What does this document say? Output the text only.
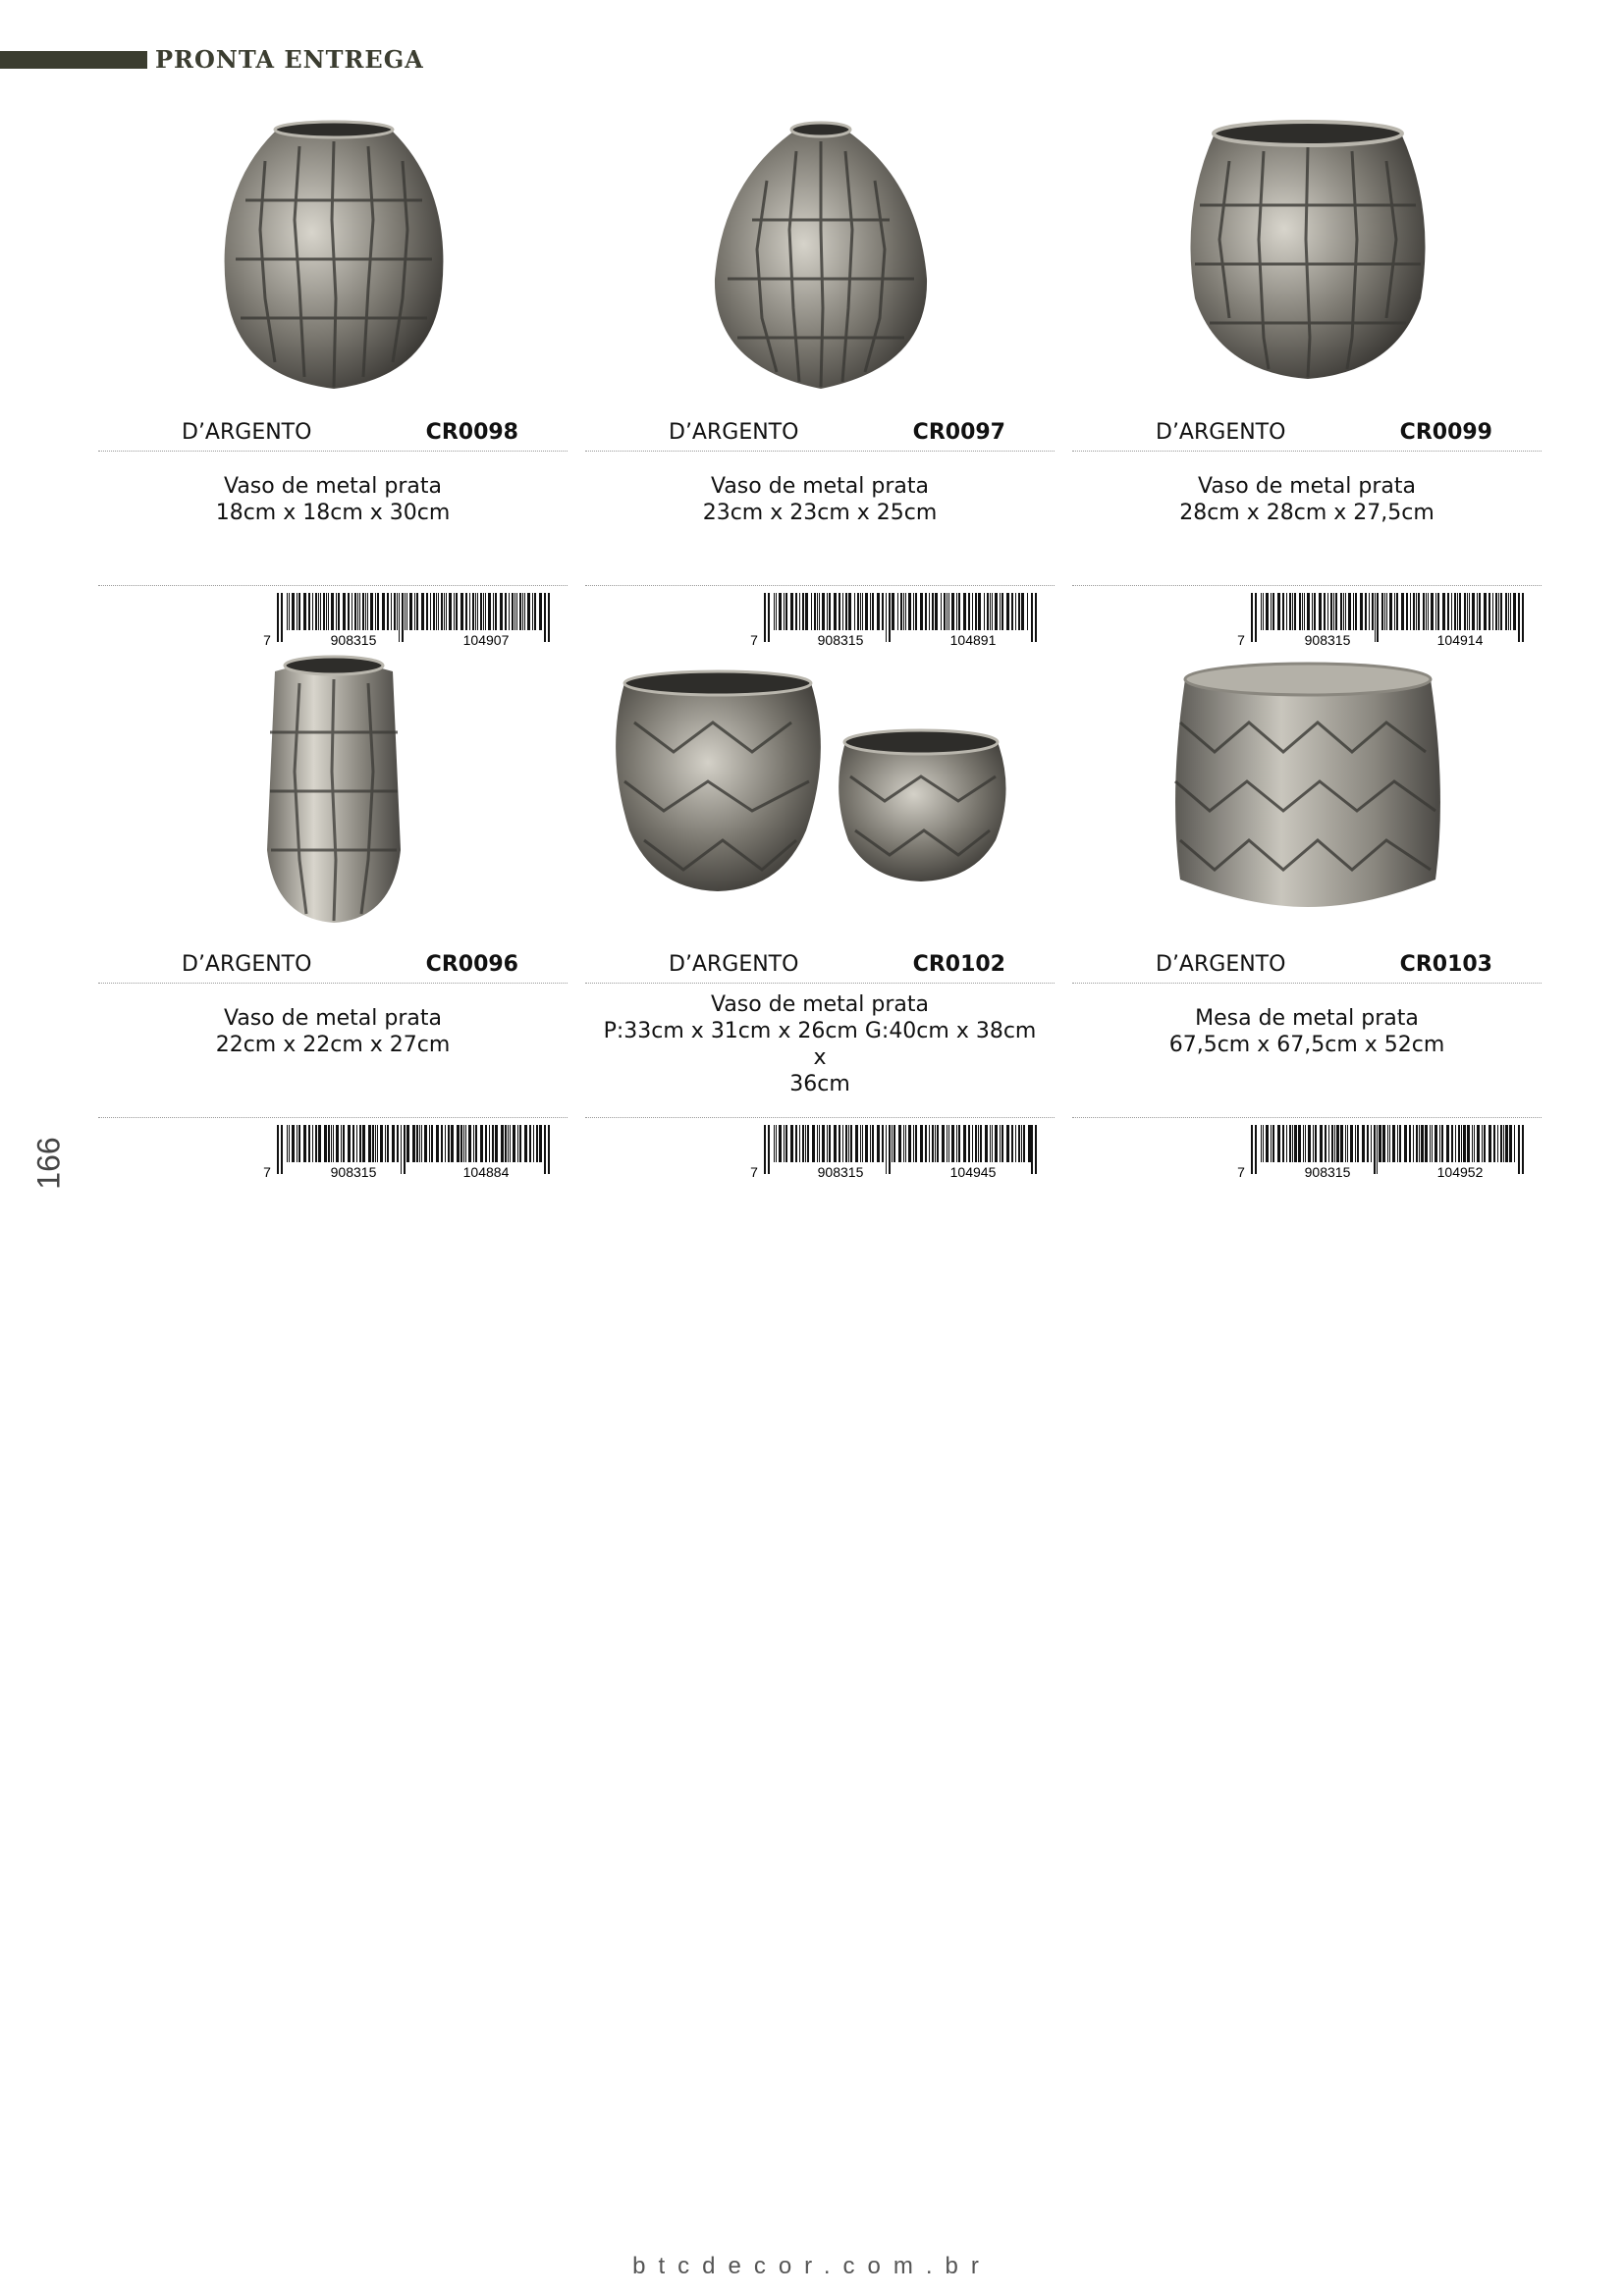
PRONTA ENTREGA
166
D’ARGENTO	CR0098
Vaso de metal prata
18cm x 18cm x 30cm
7	908315	104907
D’ARGENTO	CR0097
Vaso de metal prata
23cm x 23cm x 25cm
7	908315	104891
D’ARGENTO	CR0099
Vaso de metal prata
28cm x 28cm x 27,5cm
7	908315	104914
D’ARGENTO	CR0096
Vaso de metal prata
22cm x 22cm x 27cm
7	908315	104884
D’ARGENTO	CR0102
Vaso de metal prata
P:33cm x 31cm x 26cm G:40cm x 38cm x
36cm
7	908315	104945
D’ARGENTO	CR0103
Mesa de metal prata
67,5cm x 67,5cm x 52cm
7	908315	104952
btcdecor.com.br
